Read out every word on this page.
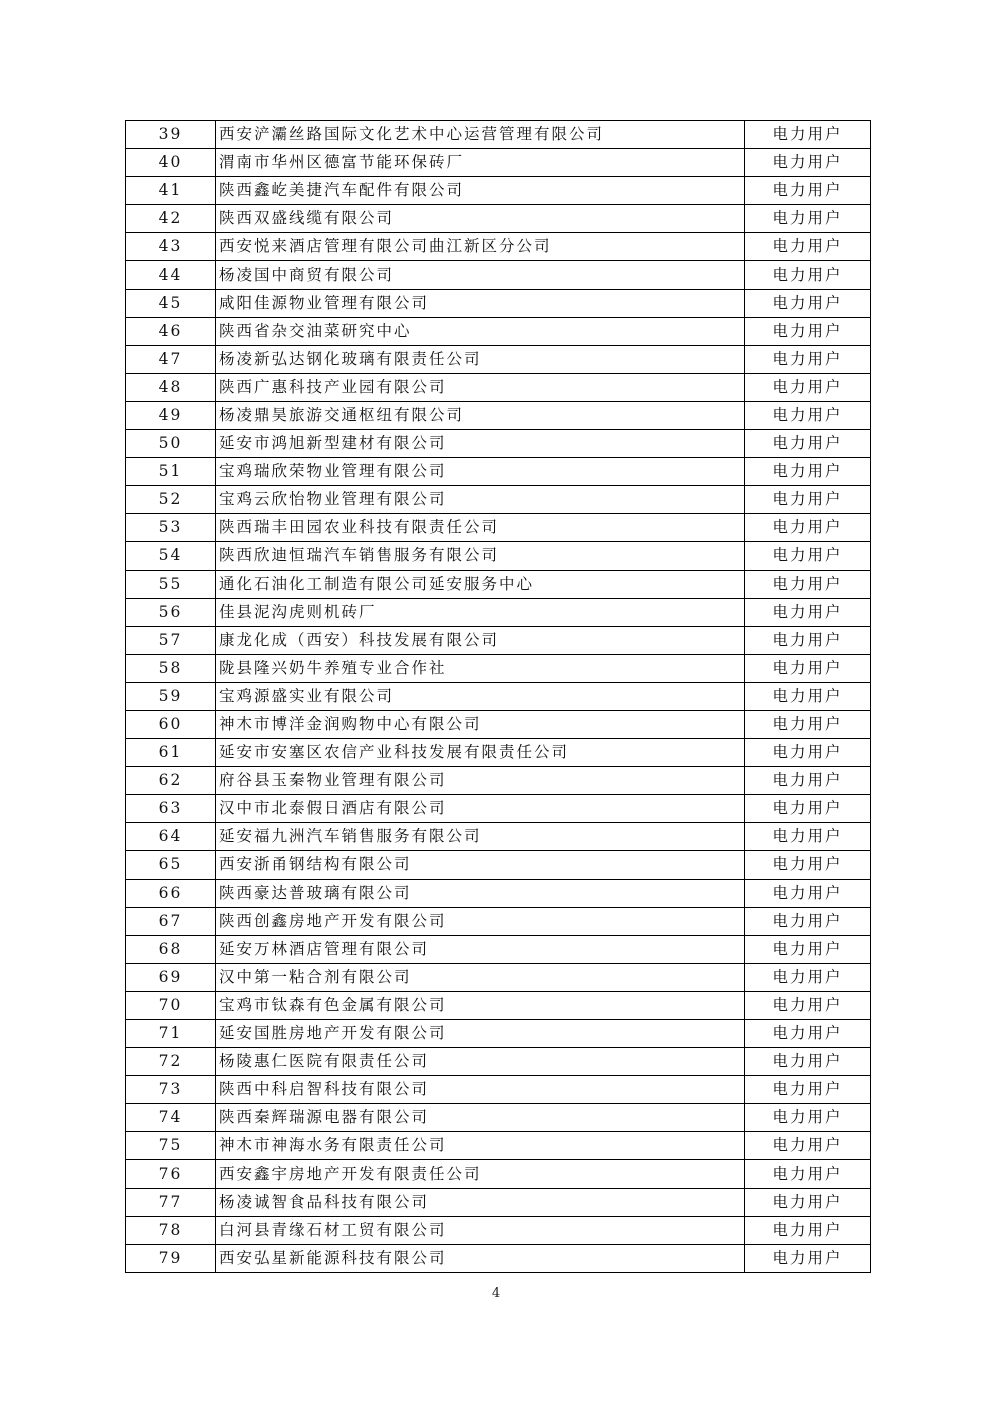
39	西安浐灞丝路国际文化艺术中心运营管理有限公司	电力用户
40	渭南市华州区德富节能环保砖厂	电力用户
41	陕西鑫屹美捷汽车配件有限公司	电力用户
42	陕西双盛线缆有限公司	电力用户
43	西安悦来酒店管理有限公司曲江新区分公司	电力用户
44	杨凌国中商贸有限公司	电力用户
45	咸阳佳源物业管理有限公司	电力用户
46	陕西省杂交油菜研究中心	电力用户
47	杨凌新弘达钢化玻璃有限责任公司	电力用户
48	陕西广惠科技产业园有限公司	电力用户
49	杨凌鼎昊旅游交通枢纽有限公司	电力用户
50	延安市鸿旭新型建材有限公司	电力用户
51	宝鸡瑞欣荣物业管理有限公司	电力用户
52	宝鸡云欣怡物业管理有限公司	电力用户
53	陕西瑞丰田园农业科技有限责任公司	电力用户
54	陕西欣迪恒瑞汽车销售服务有限公司	电力用户
55	通化石油化工制造有限公司延安服务中心	电力用户
56	佳县泥沟虎则机砖厂	电力用户
57	康龙化成（西安）科技发展有限公司	电力用户
58	陇县隆兴奶牛养殖专业合作社	电力用户
59	宝鸡源盛实业有限公司	电力用户
60	神木市博洋金润购物中心有限公司	电力用户
61	延安市安塞区农信产业科技发展有限责任公司	电力用户
62	府谷县玉秦物业管理有限公司	电力用户
63	汉中市北泰假日酒店有限公司	电力用户
64	延安福九洲汽车销售服务有限公司	电力用户
65	西安浙甬钢结构有限公司	电力用户
66	陕西豪达普玻璃有限公司	电力用户
67	陕西创鑫房地产开发有限公司	电力用户
68	延安万林酒店管理有限公司	电力用户
69	汉中第一粘合剂有限公司	电力用户
70	宝鸡市钛森有色金属有限公司	电力用户
71	延安国胜房地产开发有限公司	电力用户
72	杨陵惠仁医院有限责任公司	电力用户
73	陕西中科启智科技有限公司	电力用户
74	陕西秦辉瑞源电器有限公司	电力用户
75	神木市神海水务有限责任公司	电力用户
76	西安鑫宇房地产开发有限责任公司	电力用户
77	杨凌诚智食品科技有限公司	电力用户
78	白河县青缘石材工贸有限公司	电力用户
79	西安弘星新能源科技有限公司	电力用户
4
